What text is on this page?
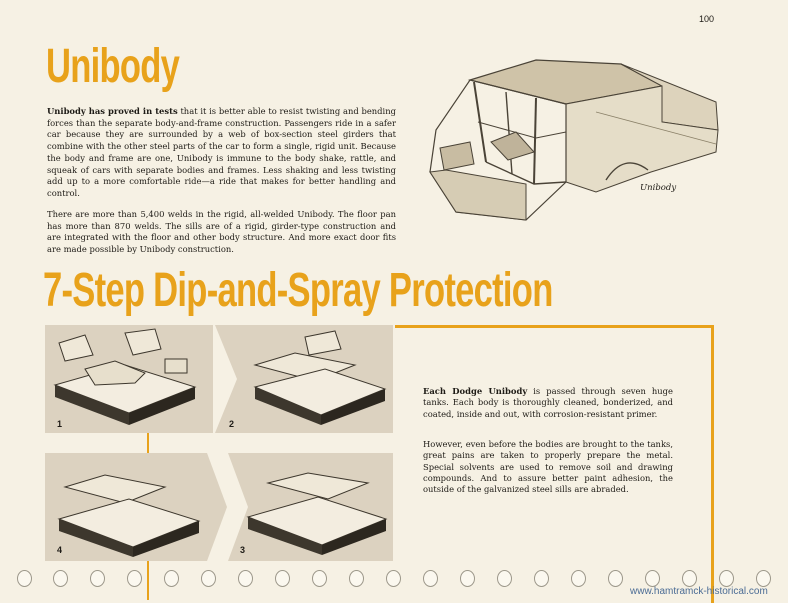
100
Unibody

Unibody has proved in tests that it is better able to resist twisting and bending forces than the separate body-and-frame construction. Passengers ride in a safer car because they are surrounded by a web of box-section steel girders that combine with the other steel parts of the car to form a single, rigid unit. Because the body and frame are one, Unibody is immune to the body shake, rattle, and squeak of cars with separate bodies and frames. Less shaking and less twisting add up to a more comfortable ride—a ride that makes for better handling and control.

There are more than 5,400 welds in the rigid, all-welded Unibody. The floor pan has more than 870 welds. The sills are of a rigid, girder-type construction and are integrated with the floor and other body structure. And more exact door fits are made possible by Unibody construction.

Unibody
7-Step Dip-and-Spray Protection
1	2
4	3

Each Dodge Unibody is passed through seven huge tanks. Each body is thoroughly cleaned, bonderized, and coated, inside and out, with corrosion-resistant primer.

However, even before the bodies are brought to the tanks, great pains are taken to properly prepare the metal. Special solvents are used to remove soil and drawing compounds. And to assure better paint adhesion, the outside of the galvanized steel sills are abraded.

www.hamtramck-historical.com
